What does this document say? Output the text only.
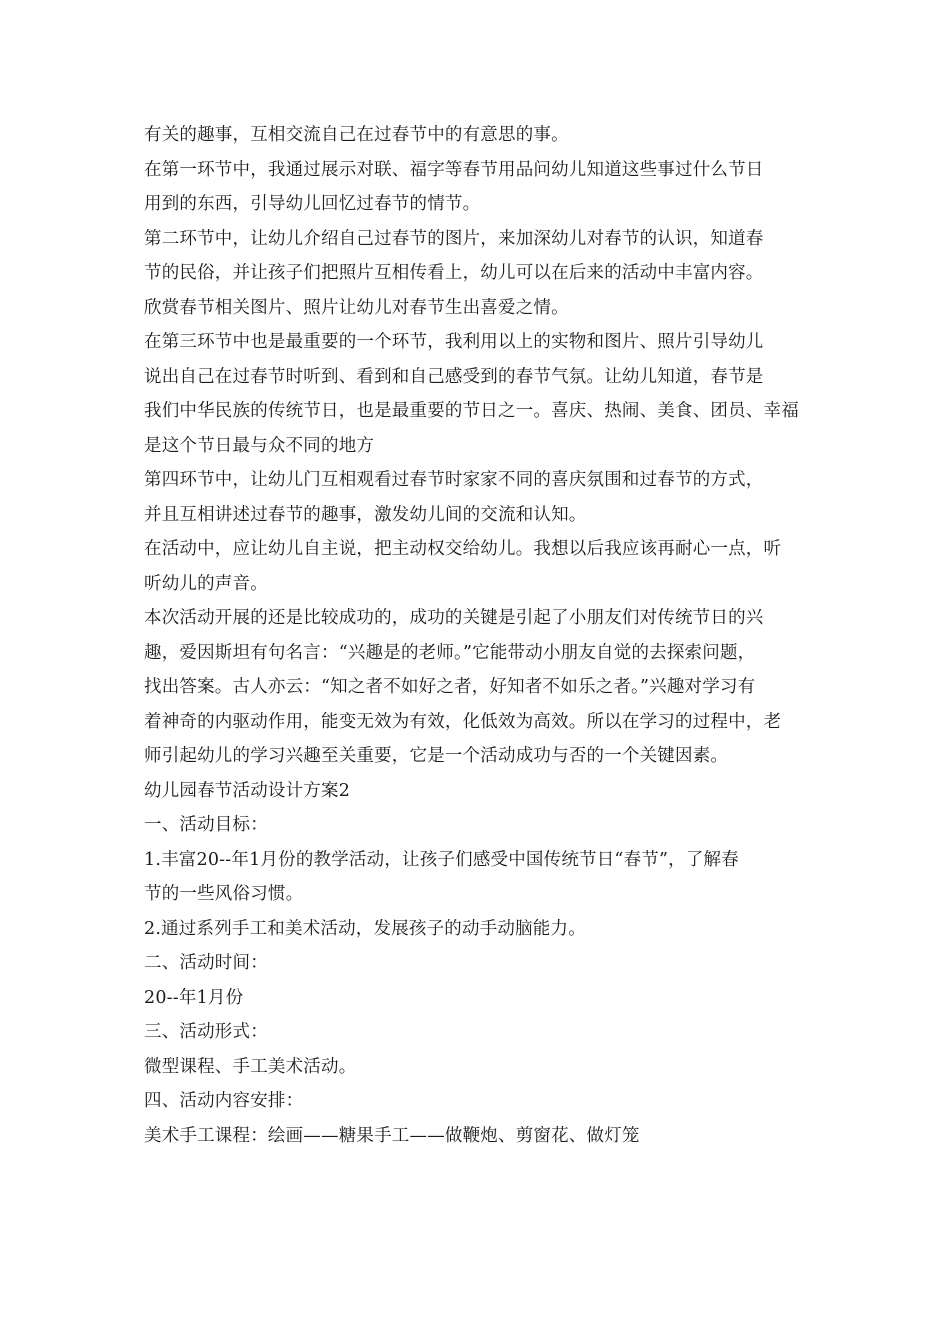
有关的趣事，互相交流自己在过春节中的有意思的事。
在第一环节中，我通过展示对联、福字等春节用品问幼儿知道这些事过什么节日
用到的东西，引导幼儿回忆过春节的情节。
第二环节中，让幼儿介绍自己过春节的图片，来加深幼儿对春节的认识，知道春
节的民俗，并让孩子们把照片互相传看上，幼儿可以在后来的活动中丰富内容。
欣赏春节相关图片、照片让幼儿对春节生出喜爱之情。
在第三环节中也是最重要的一个环节，我利用以上的实物和图片、照片引导幼儿
说出自己在过春节时听到、看到和自己感受到的春节气氛。让幼儿知道，春节是
我们中华民族的传统节日，也是最重要的节日之一。喜庆、热闹、美食、团员、幸福
是这个节日最与众不同的地方
第四环节中，让幼儿门互相观看过春节时家家不同的喜庆氛围和过春节的方式，
并且互相讲述过春节的趣事，激发幼儿间的交流和认知。
在活动中，应让幼儿自主说，把主动权交给幼儿。我想以后我应该再耐心一点，听
听幼儿的声音。
本次活动开展的还是比较成功的，成功的关键是引起了小朋友们对传统节日的兴
趣，爱因斯坦有句名言：“兴趣是的老师。”它能带动小朋友自觉的去探索问题，
找出答案。古人亦云：“知之者不如好之者，好知者不如乐之者。”兴趣对学习有
着神奇的内驱动作用，能变无效为有效，化低效为高效。所以在学习的过程中，老
师引起幼儿的学习兴趣至关重要，它是一个活动成功与否的一个关键因素。
幼儿园春节活动设计方案2
一、活动目标：
1.丰富20--年1月份的教学活动，让孩子们感受中国传统节日“春节”，了解春
节的一些风俗习惯。
2.通过系列手工和美术活动，发展孩子的动手动脑能力。
二、活动时间：
20--年1月份
三、活动形式：
微型课程、手工美术活动。
四、活动内容安排：
美术手工课程：绘画——糖果手工——做鞭炮、剪窗花、做灯笼
